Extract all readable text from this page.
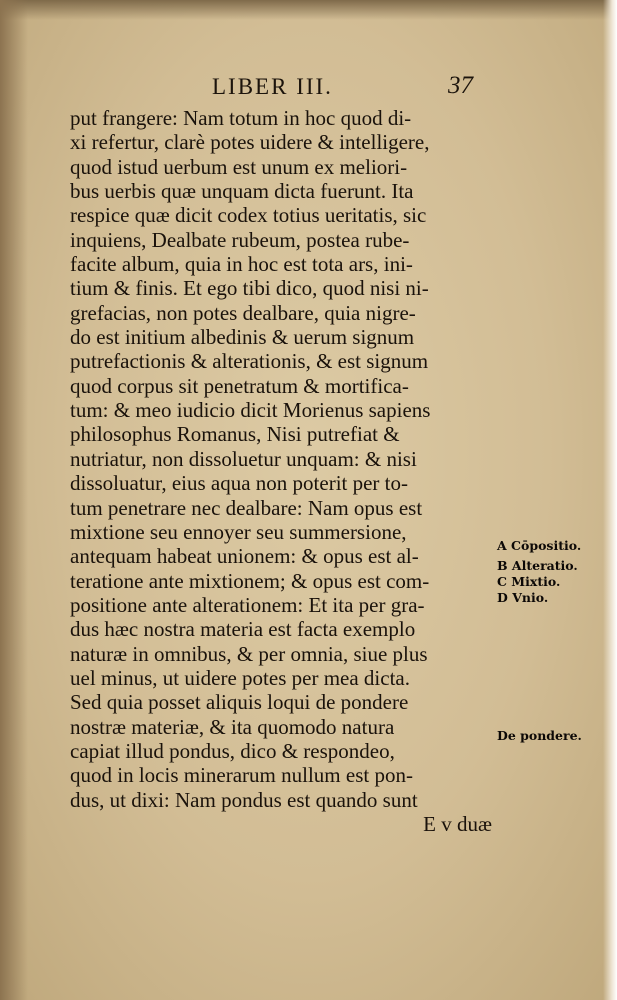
LIBER III.	37
put frangere: Nam totum in hoc quod di-
xi refertur, clarè potes uidere & intelligere,
quod istud uerbum est unum ex meliori-
bus uerbis quæ unquam dicta fuerunt. Ita
respice quæ dicit codex totius ueritatis, sic
inquiens, Dealbate rubeum, postea rube-
facite album, quia in hoc est tota ars, ini-
tium & finis. Et ego tibi dico, quod nisi ni-
grefacias, non potes dealbare, quia nigre-
do est initium albedinis & uerum signum
putrefactionis & alterationis, & est signum
quod corpus sit penetratum & mortifica-
tum: & meo iudicio dicit Morienus sapiens
philosophus Romanus, Nisi putrefiat &
nutriatur, non dissoluetur unquam: & nisi
dissoluatur, eius aqua non poterit per to-
tum penetrare nec dealbare: Nam opus est
mixtione seu ennoyer seu summersione,
antequam habeat unionem: & opus est al-
teratione ante mixtionem; & opus est com-
positione ante alterationem: Et ita per gra-
dus hæc nostra materia est facta exemplo
naturæ in omnibus, & per omnia, siue plus
uel minus, ut uidere potes per mea dicta.
Sed quia posset aliquis loqui de pondere
nostræ materiæ, & ita quomodo natura
capiat illud pondus, dico & respondeo,
quod in locis minerarum nullum est pon-
dus, ut dixi: Nam pondus est quando sunt
E v duæ
A Cōpositio.
B Alteratio.
C Mixtio.
D Vnio.
De pondere.
